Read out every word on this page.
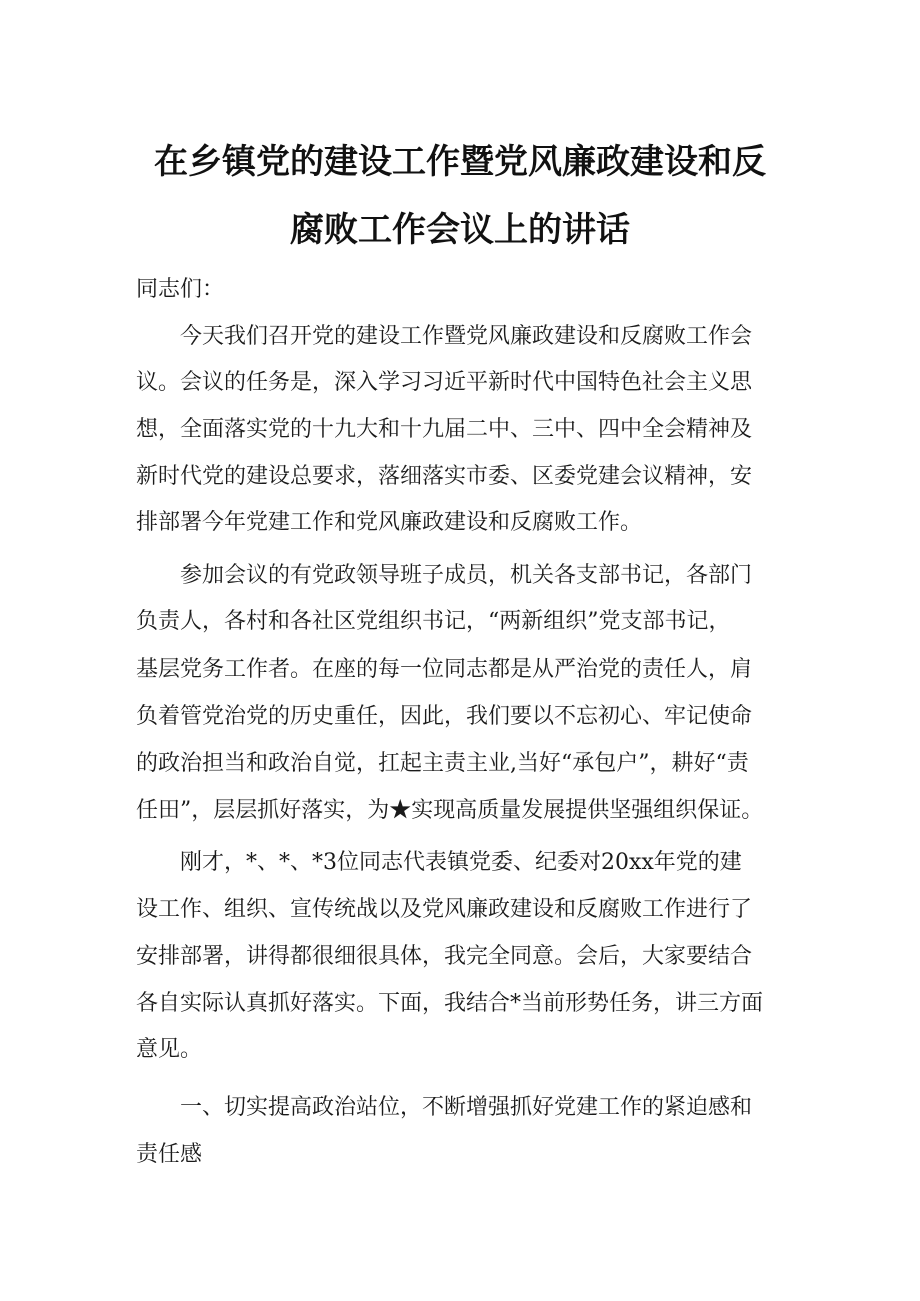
在乡镇党的建设工作暨党风廉政建设和反
腐败工作会议上的讲话
同志们：
今天我们召开党的建设工作暨党风廉政建设和反腐败工作会
议。会议的任务是，深入学习习近平新时代中国特色社会主义思
想，全面落实党的十九大和十九届二中、三中、四中全会精神及
新时代党的建设总要求，落细落实市委、区委党建会议精神，安
排部署今年党建工作和党风廉政建设和反腐败工作。
参加会议的有党政领导班子成员，机关各支部书记，各部门
负责人，各村和各社区党组织书记，“两新组织”党支部书记，
基层党务工作者。在座的每一位同志都是从严治党的责任人，肩
负着管党治党的历史重任，因此，我们要以不忘初心、牢记使命
的政治担当和政治自觉，扛起主责主业,当好“承包户”，耕好“责
任田”，层层抓好落实，为★实现高质量发展提供坚强组织保证。
刚才，*、*、*3位同志代表镇党委、纪委对20xx年党的建
设工作、组织、宣传统战以及党风廉政建设和反腐败工作进行了
安排部署，讲得都很细很具体，我完全同意。会后，大家要结合
各自实际认真抓好落实。下面，我结合*当前形势任务，讲三方面
意见。
一、切实提高政治站位，不断增强抓好党建工作的紧迫感和
责任感
